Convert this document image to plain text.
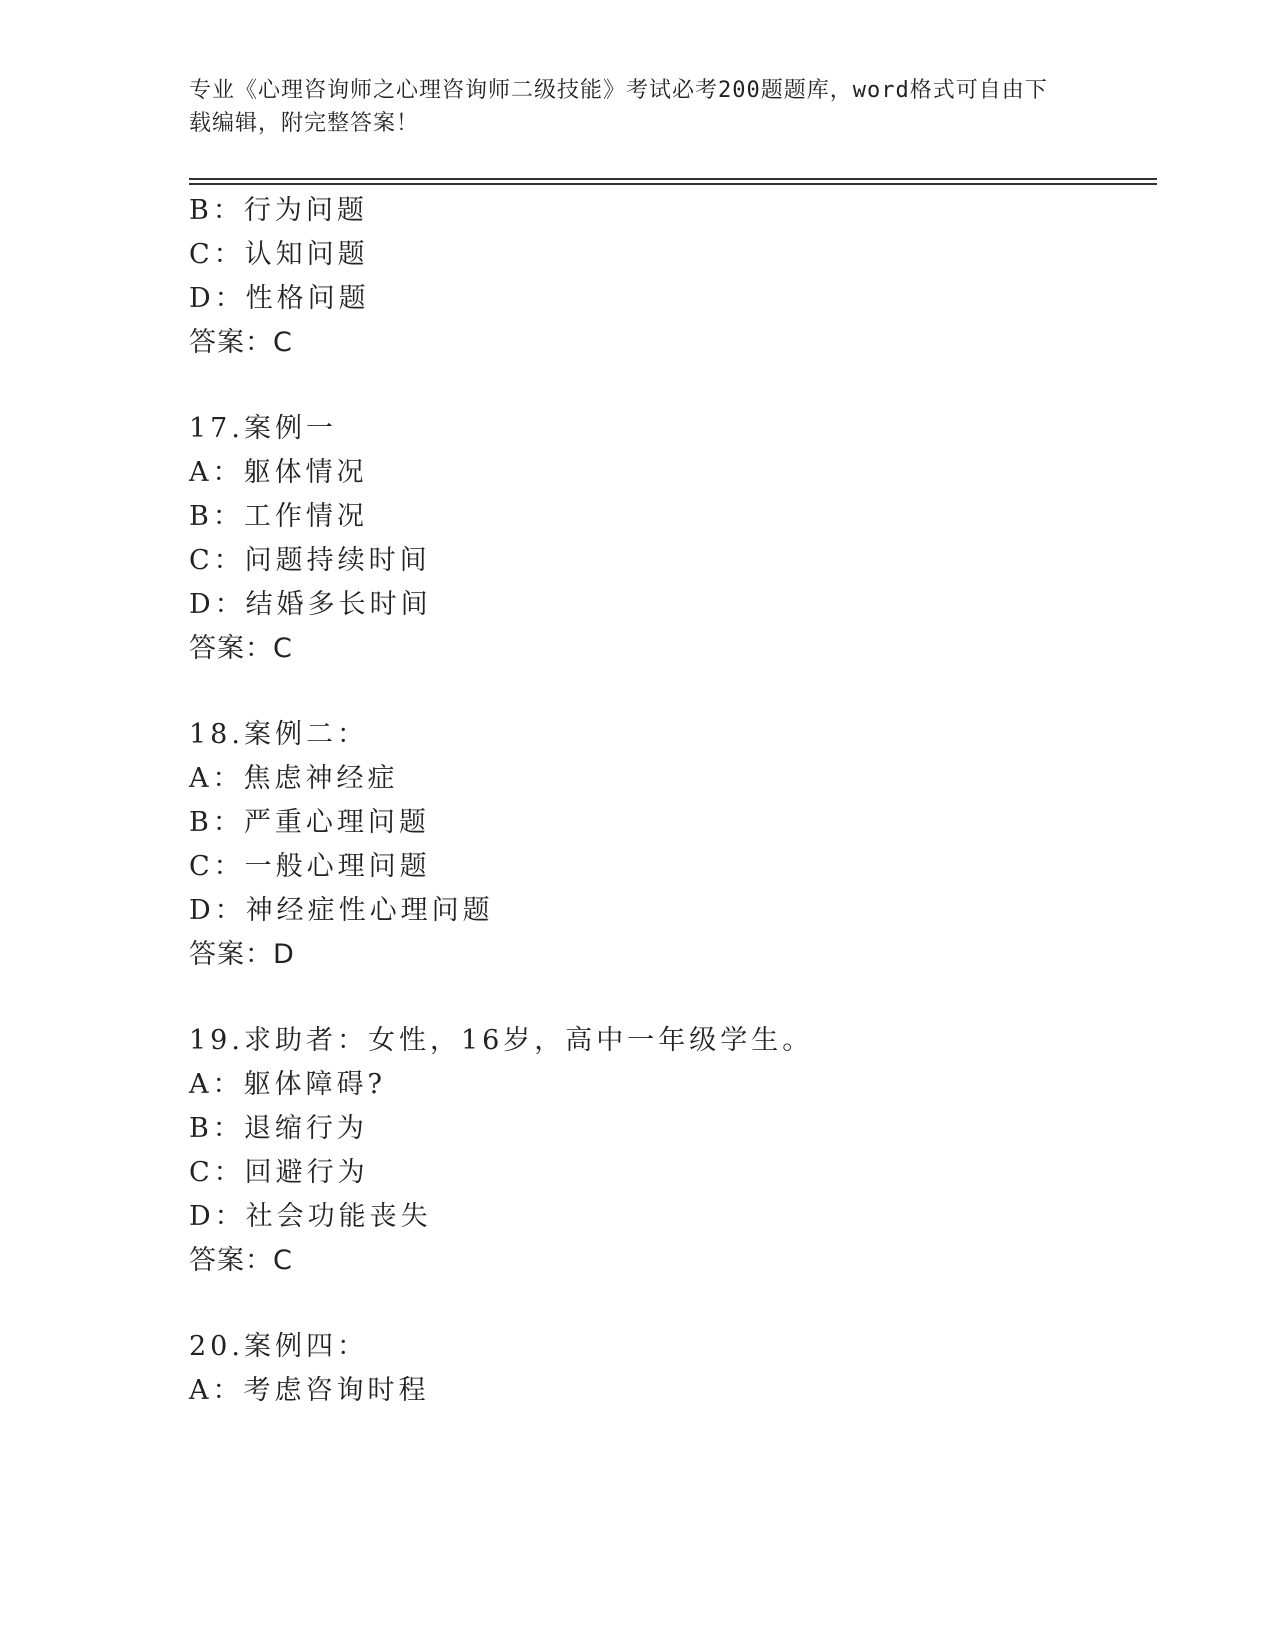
专业《心理咨询师之心理咨询师二级技能》考试必考200题题库，word格式可自由下载编辑，附完整答案！
B：行为问题
C：认知问题
D：性格问题
答案：C
17.案例一
A：躯体情况
B：工作情况
C：问题持续时间
D：结婚多长时间
答案：C
18.案例二：
A：焦虑神经症
B：严重心理问题
C：一般心理问题
D：神经症性心理问题
答案：D
19.求助者：女性，16岁，高中一年级学生。
A：躯体障碍?
B：退缩行为
C：回避行为
D：社会功能丧失
答案：C
20.案例四：
A：考虑咨询时程
